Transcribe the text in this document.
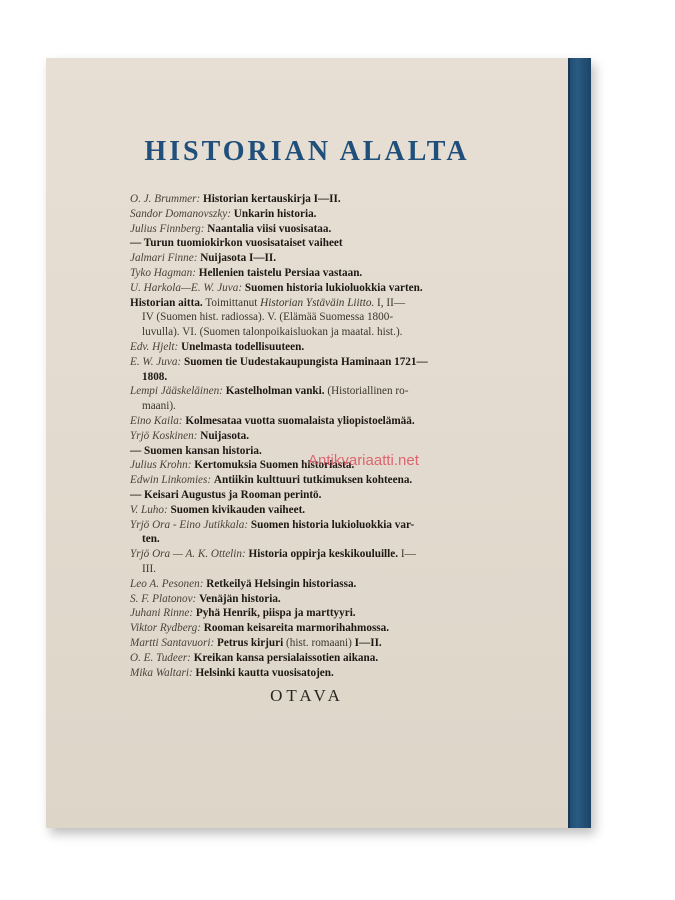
HISTORIAN ALALTA

O. J. Brummer: Historian kertauskirja I—II.

Sandor Domanovszky: Unkarin historia.

Julius Finnberg: Naantalia viisi vuosisataa.

— Turun tuomiokirkon vuosisataiset vaiheet

Jalmari Finne: Nuijasota I—II.

Tyko Hagman: Hellenien taistelu Persiaa vastaan.

U. Harkola—E. W. Juva: Suomen historia lukioluokkia varten.

Historian aitta. Toimittanut Historian Ystäväin Liitto. I, II—

IV (Suomen hist. radiossa). V. (Elämää Suomessa 1800-

luvulla). VI. (Suomen talonpoikaisluokan ja maatal. hist.).

Edv. Hjelt: Unelmasta todellisuuteen.

E. W. Juva: Suomen tie Uudestakaupungista Haminaan 1721—

1808.

Lempi Jääskeläinen: Kastelholman vanki. (Historiallinen ro-

maani).

Eino Kaila: Kolmesataa vuotta suomalaista yliopistoelämää.

Yrjö Koskinen: Nuijasota.

— Suomen kansan historia.

Julius Krohn: Kertomuksia Suomen historiasta.

Edwin Linkomies: Antiikin kulttuuri tutkimuksen kohteena.

— Keisari Augustus ja Rooman perintö.

V. Luho: Suomen kivikauden vaiheet.

Yrjö Ora - Eino Jutikkala: Suomen historia lukioluokkia var-

ten.

Yrjö Ora — A. K. Ottelin: Historia oppirja keskikouluille. I—

III.

Leo A. Pesonen: Retkeilyä Helsingin historiassa.

S. F. Platonov: Venäjän historia.

Juhani Rinne: Pyhä Henrik, piispa ja marttyyri.

Viktor Rydberg: Rooman keisareita marmorihahmossa.

Martti Santavuori: Petrus kirjuri (hist. romaani) I—II.

O. E. Tudeer: Kreikan kansa persialaissotien aikana.

Mika Waltari: Helsinki kautta vuosisatojen.

OTAVA

Antikvariaatti.net
